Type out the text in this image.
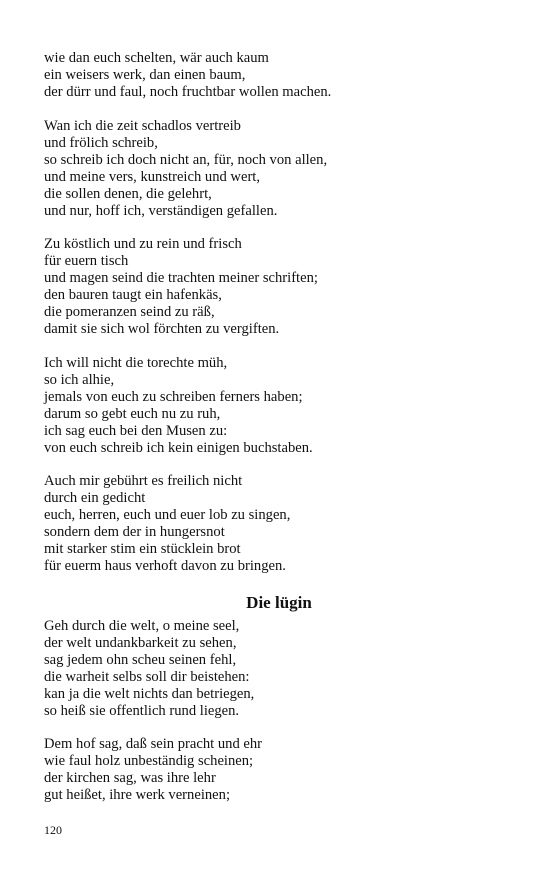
wie dan euch schelten, wär auch kaum
ein weisers werk, dan einen baum,
der dürr und faul, noch fruchtbar wollen machen.
Wan ich die zeit schadlos vertreib
und frölich schreib,
so schreib ich doch nicht an, für, noch von allen,
und meine vers, kunstreich und wert,
die sollen denen, die gelehrt,
und nur, hoff ich, verständigen gefallen.
Zu köstlich und zu rein und frisch
für euern tisch
und magen seind die trachten meiner schriften;
den bauren taugt ein hafenkäs,
die pomeranzen seind zu räß,
damit sie sich wol förchten zu vergiften.
Ich will nicht die torechte müh,
so ich alhie,
jemals von euch zu schreiben ferners haben;
darum so gebt euch nu zu ruh,
ich sag euch bei den Musen zu:
von euch schreib ich kein einigen buchstaben.
Auch mir gebührt es freilich nicht
durch ein gedicht
euch, herren, euch und euer lob zu singen,
sondern dem der in hungersnot
mit starker stim ein stücklein brot
für euerm haus verhoft davon zu bringen.
Die lügin
Geh durch die welt, o meine seel,
der welt undankbarkeit zu sehen,
sag jedem ohn scheu seinen fehl,
die warheit selbs soll dir beistehen:
kan ja die welt nichts dan betriegen,
so heiß sie offentlich rund liegen.
Dem hof sag, daß sein pracht und ehr
wie faul holz unbeständig scheinen;
der kirchen sag, was ihre lehr
gut heißet, ihre werk verneinen;
120
